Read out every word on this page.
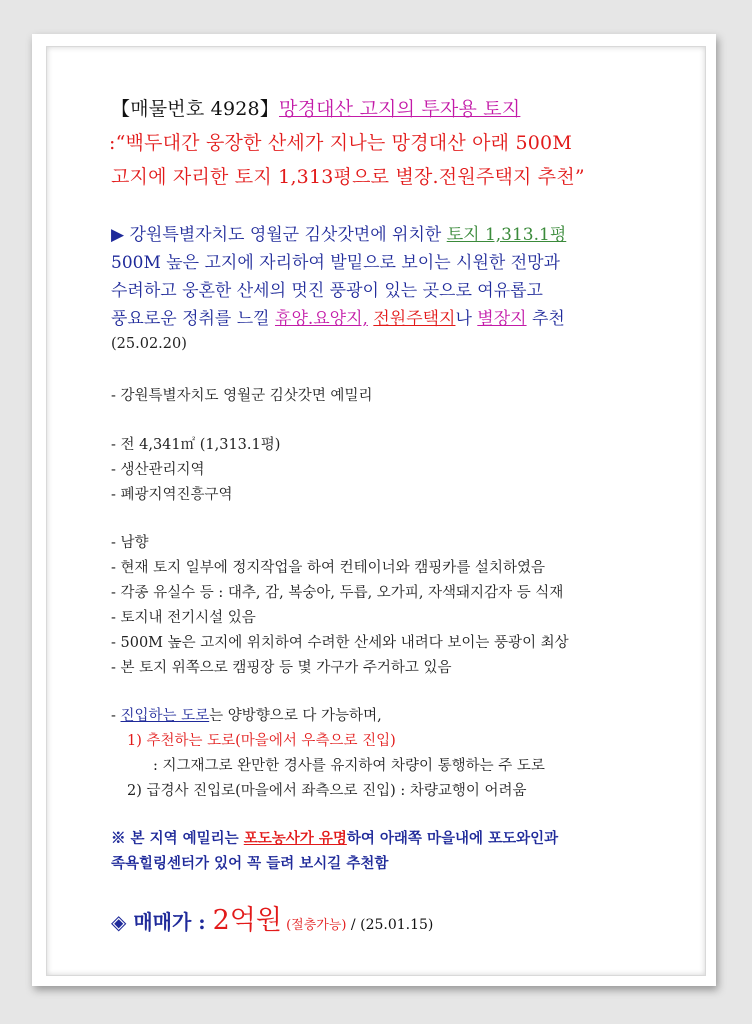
【매물번호 4928】망경대산 고지의 투자용 토지
:“백두대간 웅장한 산세가 지나는 망경대산 아래 500M
고지에 자리한 토지 1,313평으로 별장.전원주택지 추천”
▶ 강원특별자치도 영월군 김삿갓면에 위치한 토지 1,313.1평
500M 높은 고지에 자리하여 발밑으로 보이는 시원한 전망과
수려하고 웅혼한 산세의 멋진 풍광이 있는 곳으로 여유롭고
풍요로운 정취를 느낄 휴양.요양지, 전원주택지나 별장지 추천
(25.02.20)
- 강원특별자치도 영월군 김삿갓면 예밀리
- 전 4,341㎡ (1,313.1평)
- 생산관리지역
- 폐광지역진흥구역
- 남향
- 현재 토지 일부에 정지작업을 하여 컨테이너와 캠핑카를 설치하였음
- 각종 유실수 등 : 대추, 감, 복숭아, 두릅, 오가피, 자색돼지감자 등 식재
- 토지내 전기시설 있음
- 500M 높은 고지에 위치하여 수려한 산세와 내려다 보이는 풍광이 최상
- 본 토지 위쪽으로 캠핑장 등 몇 가구가 주거하고 있음
- 진입하는 도로는 양방향으로 다 가능하며,
1) 추천하는 도로(마을에서 우측으로 진입)
: 지그재그로 완만한 경사를 유지하여 차량이 통행하는 주 도로
2) 급경사 진입로(마을에서 좌측으로 진입) : 차량교행이 어려움
※ 본 지역 예밀리는 포도농사가 유명하여 아래쪽 마을내에 포도와인과
족욕힐링센터가 있어 꼭 들려 보시길 추천함
◈ 매매가 : 2억원 (절충가능) / (25.01.15)
